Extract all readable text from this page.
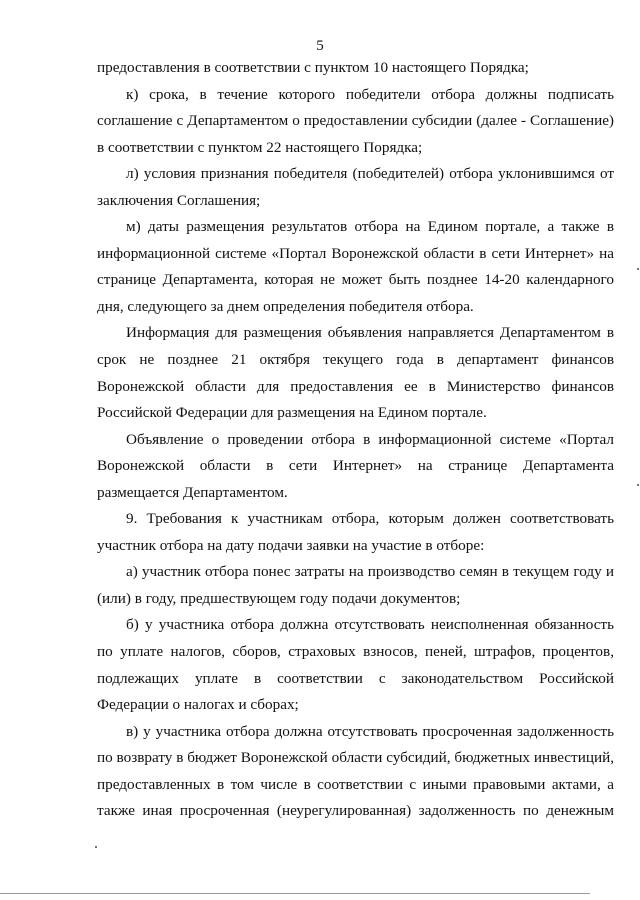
5

предоставления в соответствии с пунктом 10 настоящего Порядка;

к) срока, в течение которого победители отбора должны подписать соглашение с Департаментом о предоставлении субсидии (далее - Соглашение) в соответствии с пунктом 22 настоящего Порядка;

л) условия признания победителя (победителей) отбора уклонившимся от заключения Соглашения;

м) даты размещения результатов отбора на Едином портале, а также в информационной системе «Портал Воронежской области в сети Интернет» на странице Департамента, которая не может быть позднее 14-20 календарного дня, следующего за днем определения победителя отбора.

Информация для размещения объявления направляется Департаментом в срок не позднее 21 октября текущего года в департамент финансов Воронежской области для предоставления ее в Министерство финансов Российской Федерации для размещения на Едином портале.

Объявление о проведении отбора в информационной системе «Портал Воронежской области в сети Интернет» на странице Департамента размещается Департаментом.

9. Требования к участникам отбора, которым должен соответствовать участник отбора на дату подачи заявки на участие в отборе:

а) участник отбора понес затраты на производство семян в текущем году и (или) в году, предшествующем году подачи документов;

б) у участника отбора должна отсутствовать неисполненная обязанность по уплате налогов, сборов, страховых взносов, пеней, штрафов, процентов, подлежащих уплате в соответствии с законодательством Российской Федерации о налогах и сборах;

в) у участника отбора должна отсутствовать просроченная задолженность по возврату в бюджет Воронежской области субсидий, бюджетных инвестиций, предоставленных в том числе в соответствии с иными правовыми актами, а также иная просроченная (неурегулированная) задолженность по денежным
